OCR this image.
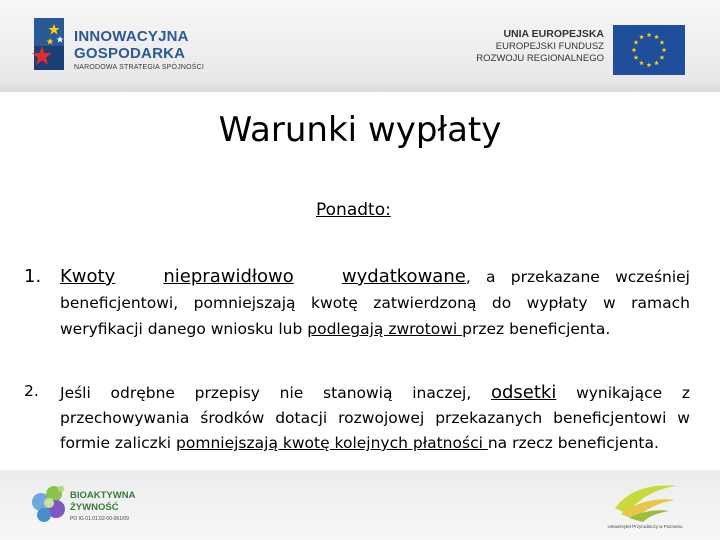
INNOWACYJNA
GOSPODARKA
NARODOWA STRATEGIA SPÓJNOŚCI
UNIA EUROPEJSKA
EUROPEJSKI FUNDUSZ
ROZWOJU REGIONALNEGO
Warunki wypłaty
Ponadto:
1. Kwoty	nieprawidłowo	wydatkowane, a przekazane wcześniej beneficjentowi, pomniejszają kwotę zatwierdzoną do wypłaty w ramach weryfikacji danego wniosku lub podlegają zwrotowi przez beneficjenta.
2. Jeśli odrębne przepisy nie stanowią inaczej, odsetki wynikające z przechowywania środków dotacji rozwojowej przekazanych beneficjentowi w formie zaliczki pomniejszają kwotę kolejnych płatności na rzecz beneficjenta.
BIOAKTYWNA
ŻYWNOŚĆ
PO IG 01.01.02-00-061/09
Uniwersytet Przyrodniczy w Poznaniu
